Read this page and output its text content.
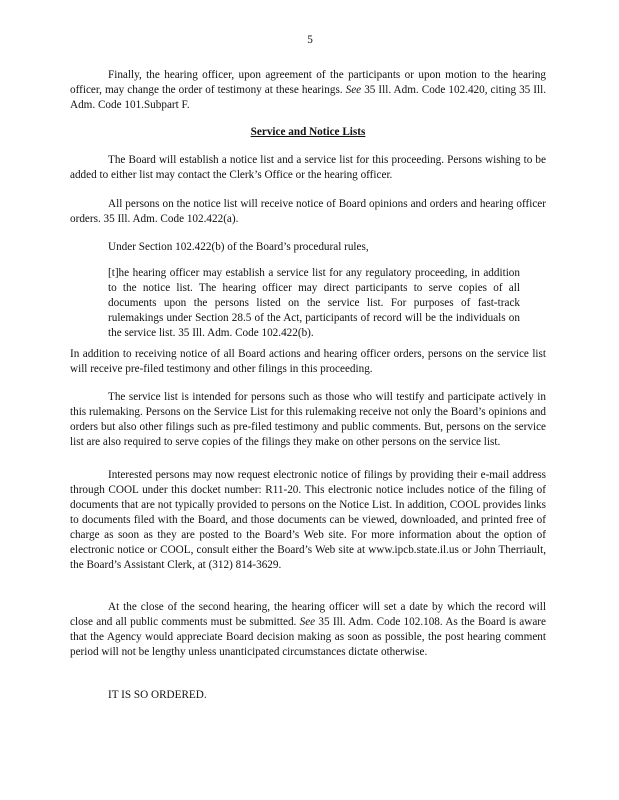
5

Finally, the hearing officer, upon agreement of the participants or upon motion to the hearing officer, may change the order of testimony at these hearings. See 35 Ill. Adm. Code 102.420, citing 35 Ill. Adm. Code 101.Subpart F.

Service and Notice Lists

The Board will establish a notice list and a service list for this proceeding. Persons wishing to be added to either list may contact the Clerk’s Office or the hearing officer.

All persons on the notice list will receive notice of Board opinions and orders and hearing officer orders. 35 Ill. Adm. Code 102.422(a).

Under Section 102.422(b) of the Board’s procedural rules,

[t]he hearing officer may establish a service list for any regulatory proceeding, in addition to the notice list. The hearing officer may direct participants to serve copies of all documents upon the persons listed on the service list. For purposes of fast-track rulemakings under Section 28.5 of the Act, participants of record will be the individuals on the service list. 35 Ill. Adm. Code 102.422(b).

In addition to receiving notice of all Board actions and hearing officer orders, persons on the service list will receive pre-filed testimony and other filings in this proceeding.

The service list is intended for persons such as those who will testify and participate actively in this rulemaking. Persons on the Service List for this rulemaking receive not only the Board’s opinions and orders but also other filings such as pre-filed testimony and public comments. But, persons on the service list are also required to serve copies of the filings they make on other persons on the service list.

Interested persons may now request electronic notice of filings by providing their e-mail address through COOL under this docket number: R11-20. This electronic notice includes notice of the filing of documents that are not typically provided to persons on the Notice List. In addition, COOL provides links to documents filed with the Board, and those documents can be viewed, downloaded, and printed free of charge as soon as they are posted to the Board’s Web site. For more information about the option of electronic notice or COOL, consult either the Board’s Web site at www.ipcb.state.il.us or John Therriault, the Board’s Assistant Clerk, at (312) 814-3629.

At the close of the second hearing, the hearing officer will set a date by which the record will close and all public comments must be submitted. See 35 Ill. Adm. Code 102.108. As the Board is aware that the Agency would appreciate Board decision making as soon as possible, the post hearing comment period will not be lengthy unless unanticipated circumstances dictate otherwise.

IT IS SO ORDERED.
